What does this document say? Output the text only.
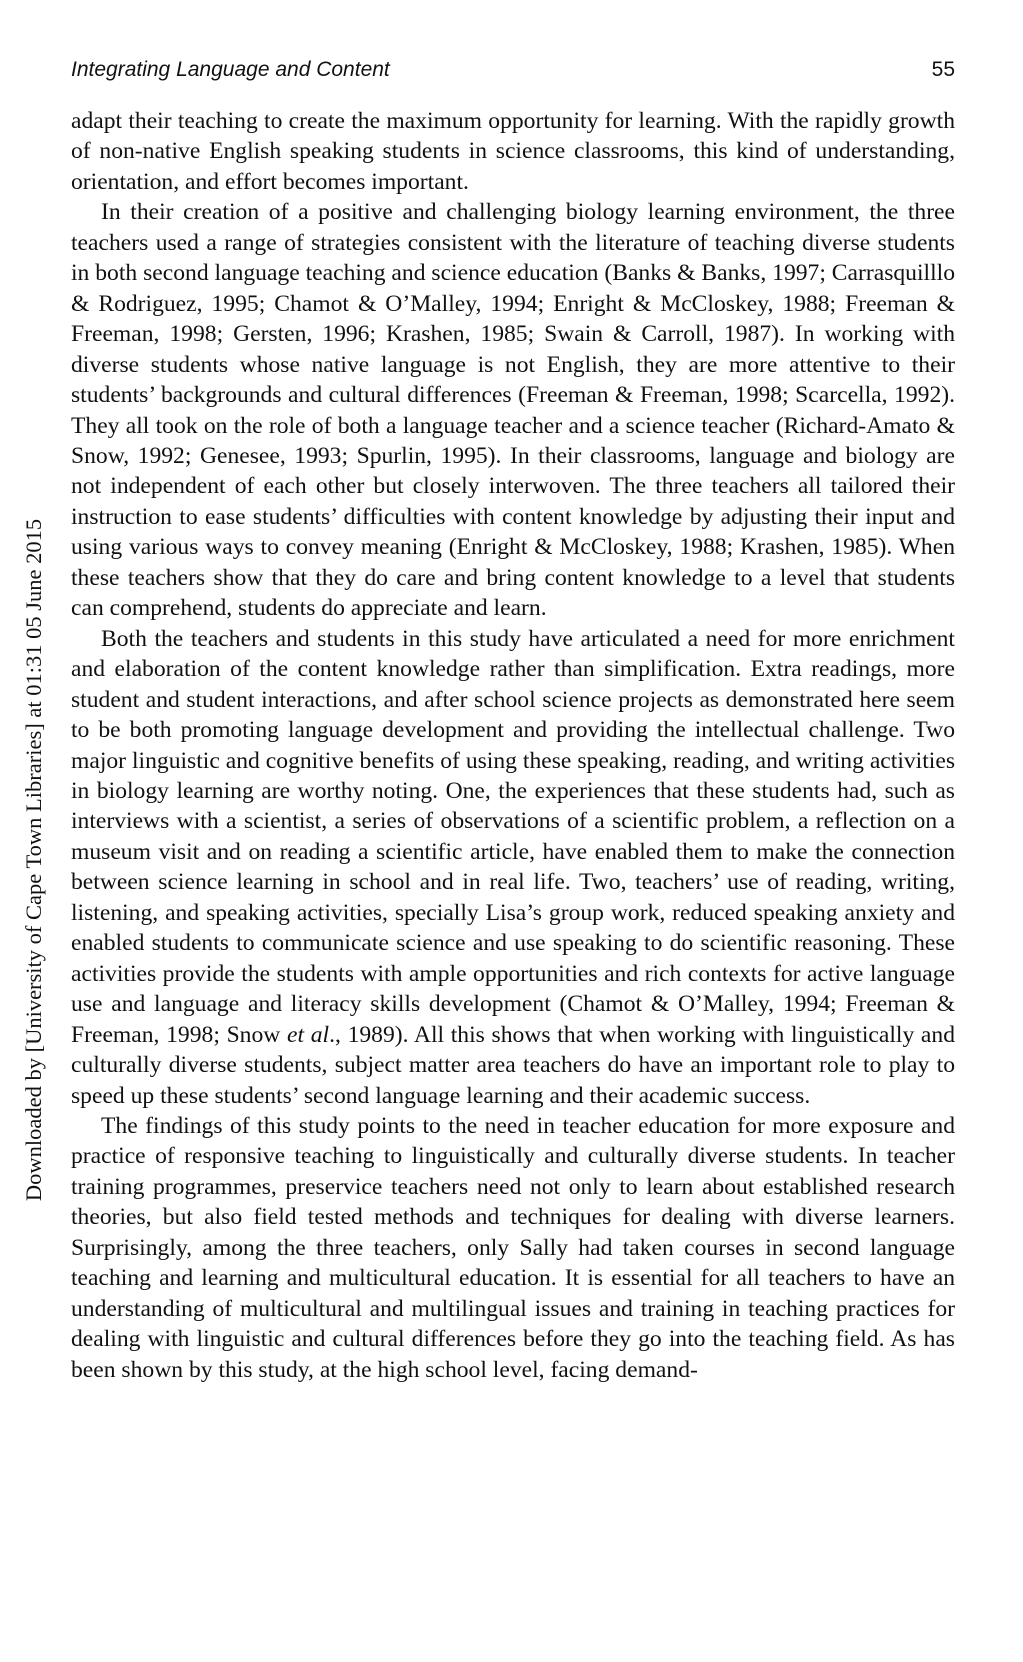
Integrating Language and Content	55
Downloaded by [University of Cape Town Libraries] at 01:31 05 June 2015

adapt their teaching to create the maximum opportunity for learning. With the rapidly growth of non-native English speaking students in science classrooms, this kind of understanding, orientation, and effort becomes important.

In their creation of a positive and challenging biology learning environment, the three teachers used a range of strategies consistent with the literature of teaching diverse students in both second language teaching and science education (Banks & Banks, 1997; Carrasquilllo & Rodriguez, 1995; Chamot & O’Malley, 1994; Enright & McCloskey, 1988; Freeman & Freeman, 1998; Gersten, 1996; Krashen, 1985; Swain & Carroll, 1987). In working with diverse students whose native language is not English, they are more attentive to their students’ backgrounds and cultural differences (Freeman & Freeman, 1998; Scarcella, 1992). They all took on the role of both a language teacher and a science teacher (Richard-Amato & Snow, 1992; Genesee, 1993; Spurlin, 1995). In their classrooms, language and biology are not independent of each other but closely interwoven. The three teachers all tailored their instruction to ease students’ difficulties with content knowledge by adjusting their input and using various ways to convey meaning (Enright & McCloskey, 1988; Krashen, 1985). When these teachers show that they do care and bring content knowledge to a level that students can comprehend, students do appreciate and learn.

Both the teachers and students in this study have articulated a need for more enrichment and elaboration of the content knowledge rather than simplification. Extra readings, more student and student interactions, and after school science projects as demonstrated here seem to be both promoting language development and providing the intellectual challenge. Two major linguistic and cognitive benefits of using these speaking, reading, and writing activities in biology learning are worthy noting. One, the experiences that these students had, such as interviews with a scientist, a series of observations of a scientific problem, a reflection on a museum visit and on reading a scientific article, have enabled them to make the connection between science learning in school and in real life. Two, teachers’ use of reading, writing, listening, and speaking activities, specially Lisa’s group work, reduced speaking anxiety and enabled students to communicate science and use speaking to do scientific reasoning. These activities provide the students with ample opportunities and rich contexts for active language use and language and literacy skills development (Chamot & O’Malley, 1994; Freeman & Freeman, 1998; Snow et al., 1989). All this shows that when working with linguistically and culturally diverse students, subject matter area teachers do have an important role to play to speed up these students’ second language learning and their academic success.

The findings of this study points to the need in teacher education for more exposure and practice of responsive teaching to linguistically and culturally diverse students. In teacher training programmes, preservice teachers need not only to learn about established research theories, but also field tested methods and techniques for dealing with diverse learners. Surprisingly, among the three teachers, only Sally had taken courses in second language teaching and learning and multicultural education. It is essential for all teachers to have an understanding of multicultural and multilingual issues and training in teaching practices for dealing with linguistic and cultural differences before they go into the teaching field. As has been shown by this study, at the high school level, facing demand-
